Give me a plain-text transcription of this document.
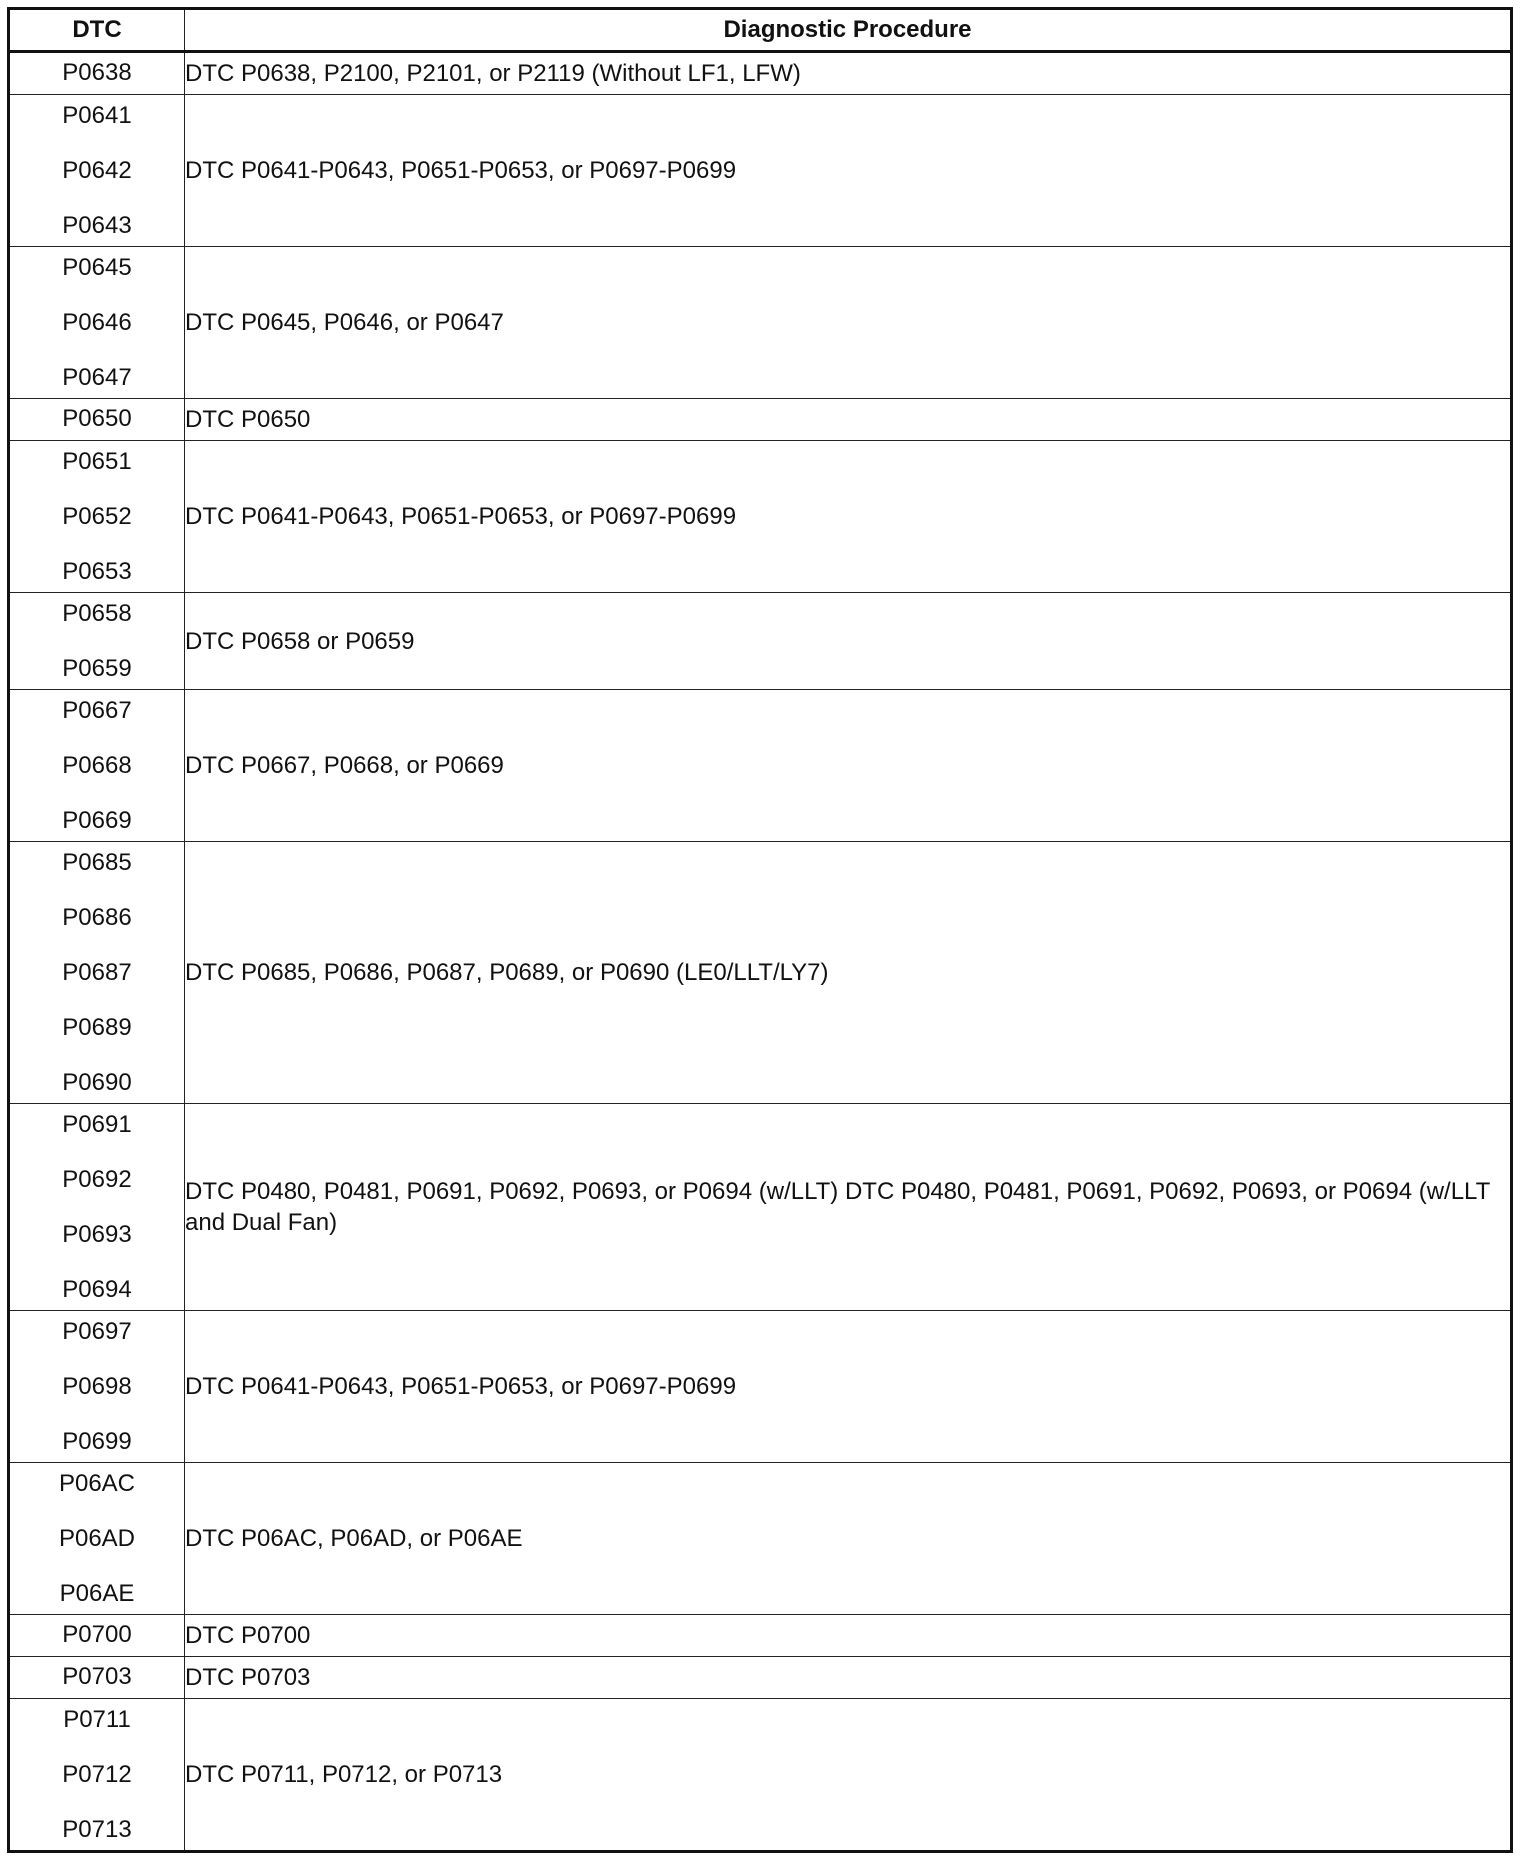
DTC	Diagnostic Procedure

P0638	DTC P0638, P2100, P2101, or P2119 (Without LF1, LFW)

P0641
P0642
P0643	DTC P0641-P0643, P0651-P0653, or P0697-P0699

P0645
P0646
P0647	DTC P0645, P0646, or P0647

P0650	DTC P0650

P0651
P0652
P0653	DTC P0641-P0643, P0651-P0653, or P0697-P0699

P0658
P0659	DTC P0658 or P0659

P0667
P0668
P0669	DTC P0667, P0668, or P0669

P0685
P0686
P0687
P0689
P0690	DTC P0685, P0686, P0687, P0689, or P0690 (LE0/LLT/LY7)

P0691
P0692
P0693
P0694	DTC P0480, P0481, P0691, P0692, P0693, or P0694 (w/LLT) DTC P0480, P0481, P0691, P0692, P0693, or P0694 (w/LLT and Dual Fan)

P0697
P0698
P0699	DTC P0641-P0643, P0651-P0653, or P0697-P0699

P06AC
P06AD
P06AE	DTC P06AC, P06AD, or P06AE

P0700	DTC P0700

P0703	DTC P0703

P0711
P0712
P0713	DTC P0711, P0712, or P0713
